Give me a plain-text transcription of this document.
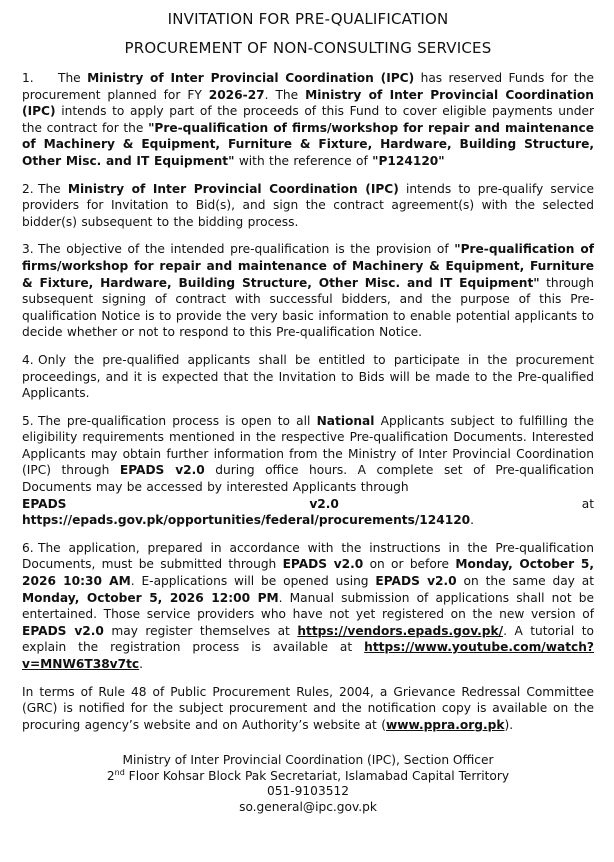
INVITATION FOR PRE-QUALIFICATION
PROCUREMENT OF NON-CONSULTING SERVICES

1. The Ministry of Inter Provincial Coordination (IPC) has reserved Funds for the procurement planned for FY 2026-27. The Ministry of Inter Provincial Coordination (IPC) intends to apply part of the proceeds of this Fund to cover eligible payments under the contract for the "Pre-qualification of firms/workshop for repair and maintenance of Machinery & Equipment, Furniture & Fixture, Hardware, Building Structure, Other Misc. and IT Equipment" with the reference of "P124120"

2. The Ministry of Inter Provincial Coordination (IPC) intends to pre-qualify service providers for Invitation to Bid(s), and sign the contract agreement(s) with the selected bidder(s) subsequent to the bidding process.

3. The objective of the intended pre-qualification is the provision of "Pre-qualification of firms/workshop for repair and maintenance of Machinery & Equipment, Furniture & Fixture, Hardware, Building Structure, Other Misc. and IT Equipment" through subsequent signing of contract with successful bidders, and the purpose of this Pre-qualification Notice is to provide the very basic information to enable potential applicants to decide whether or not to respond to this Pre-qualification Notice.

4. Only the pre-qualified applicants shall be entitled to participate in the procurement proceedings, and it is expected that the Invitation to Bids will be made to the Pre-qualified Applicants.

5. The pre-qualification process is open to all National Applicants subject to fulfilling the eligibility requirements mentioned in the respective Pre-qualification Documents. Interested Applicants may obtain further information from the Ministry of Inter Provincial Coordination (IPC) through EPADS v2.0 during office hours. A complete set of Pre-qualification Documents may be accessed by interested Applicants through
EPADS	v2.0	at
https://epads.gov.pk/opportunities/federal/procurements/124120.

6. The application, prepared in accordance with the instructions in the Pre-qualification Documents, must be submitted through EPADS v2.0 on or before Monday, October 5, 2026 10:30 AM. E-applications will be opened using EPADS v2.0 on the same day at Monday, October 5, 2026 12:00 PM. Manual submission of applications shall not be entertained. Those service providers who have not yet registered on the new version of EPADS v2.0 may register themselves at https://vendors.epads.gov.pk/. A tutorial to explain the registration process is available at https://www.youtube.com/watch?v=MNW6T38v7tc.

In terms of Rule 48 of Public Procurement Rules, 2004, a Grievance Redressal Committee (GRC) is notified for the subject procurement and the notification copy is available on the procuring agency’s website and on Authority’s website at (www.ppra.org.pk).

Ministry of Inter Provincial Coordination (IPC), Section Officer
2nd Floor Kohsar Block Pak Secretariat, Islamabad Capital Territory
051-9103512
so.general@ipc.gov.pk
